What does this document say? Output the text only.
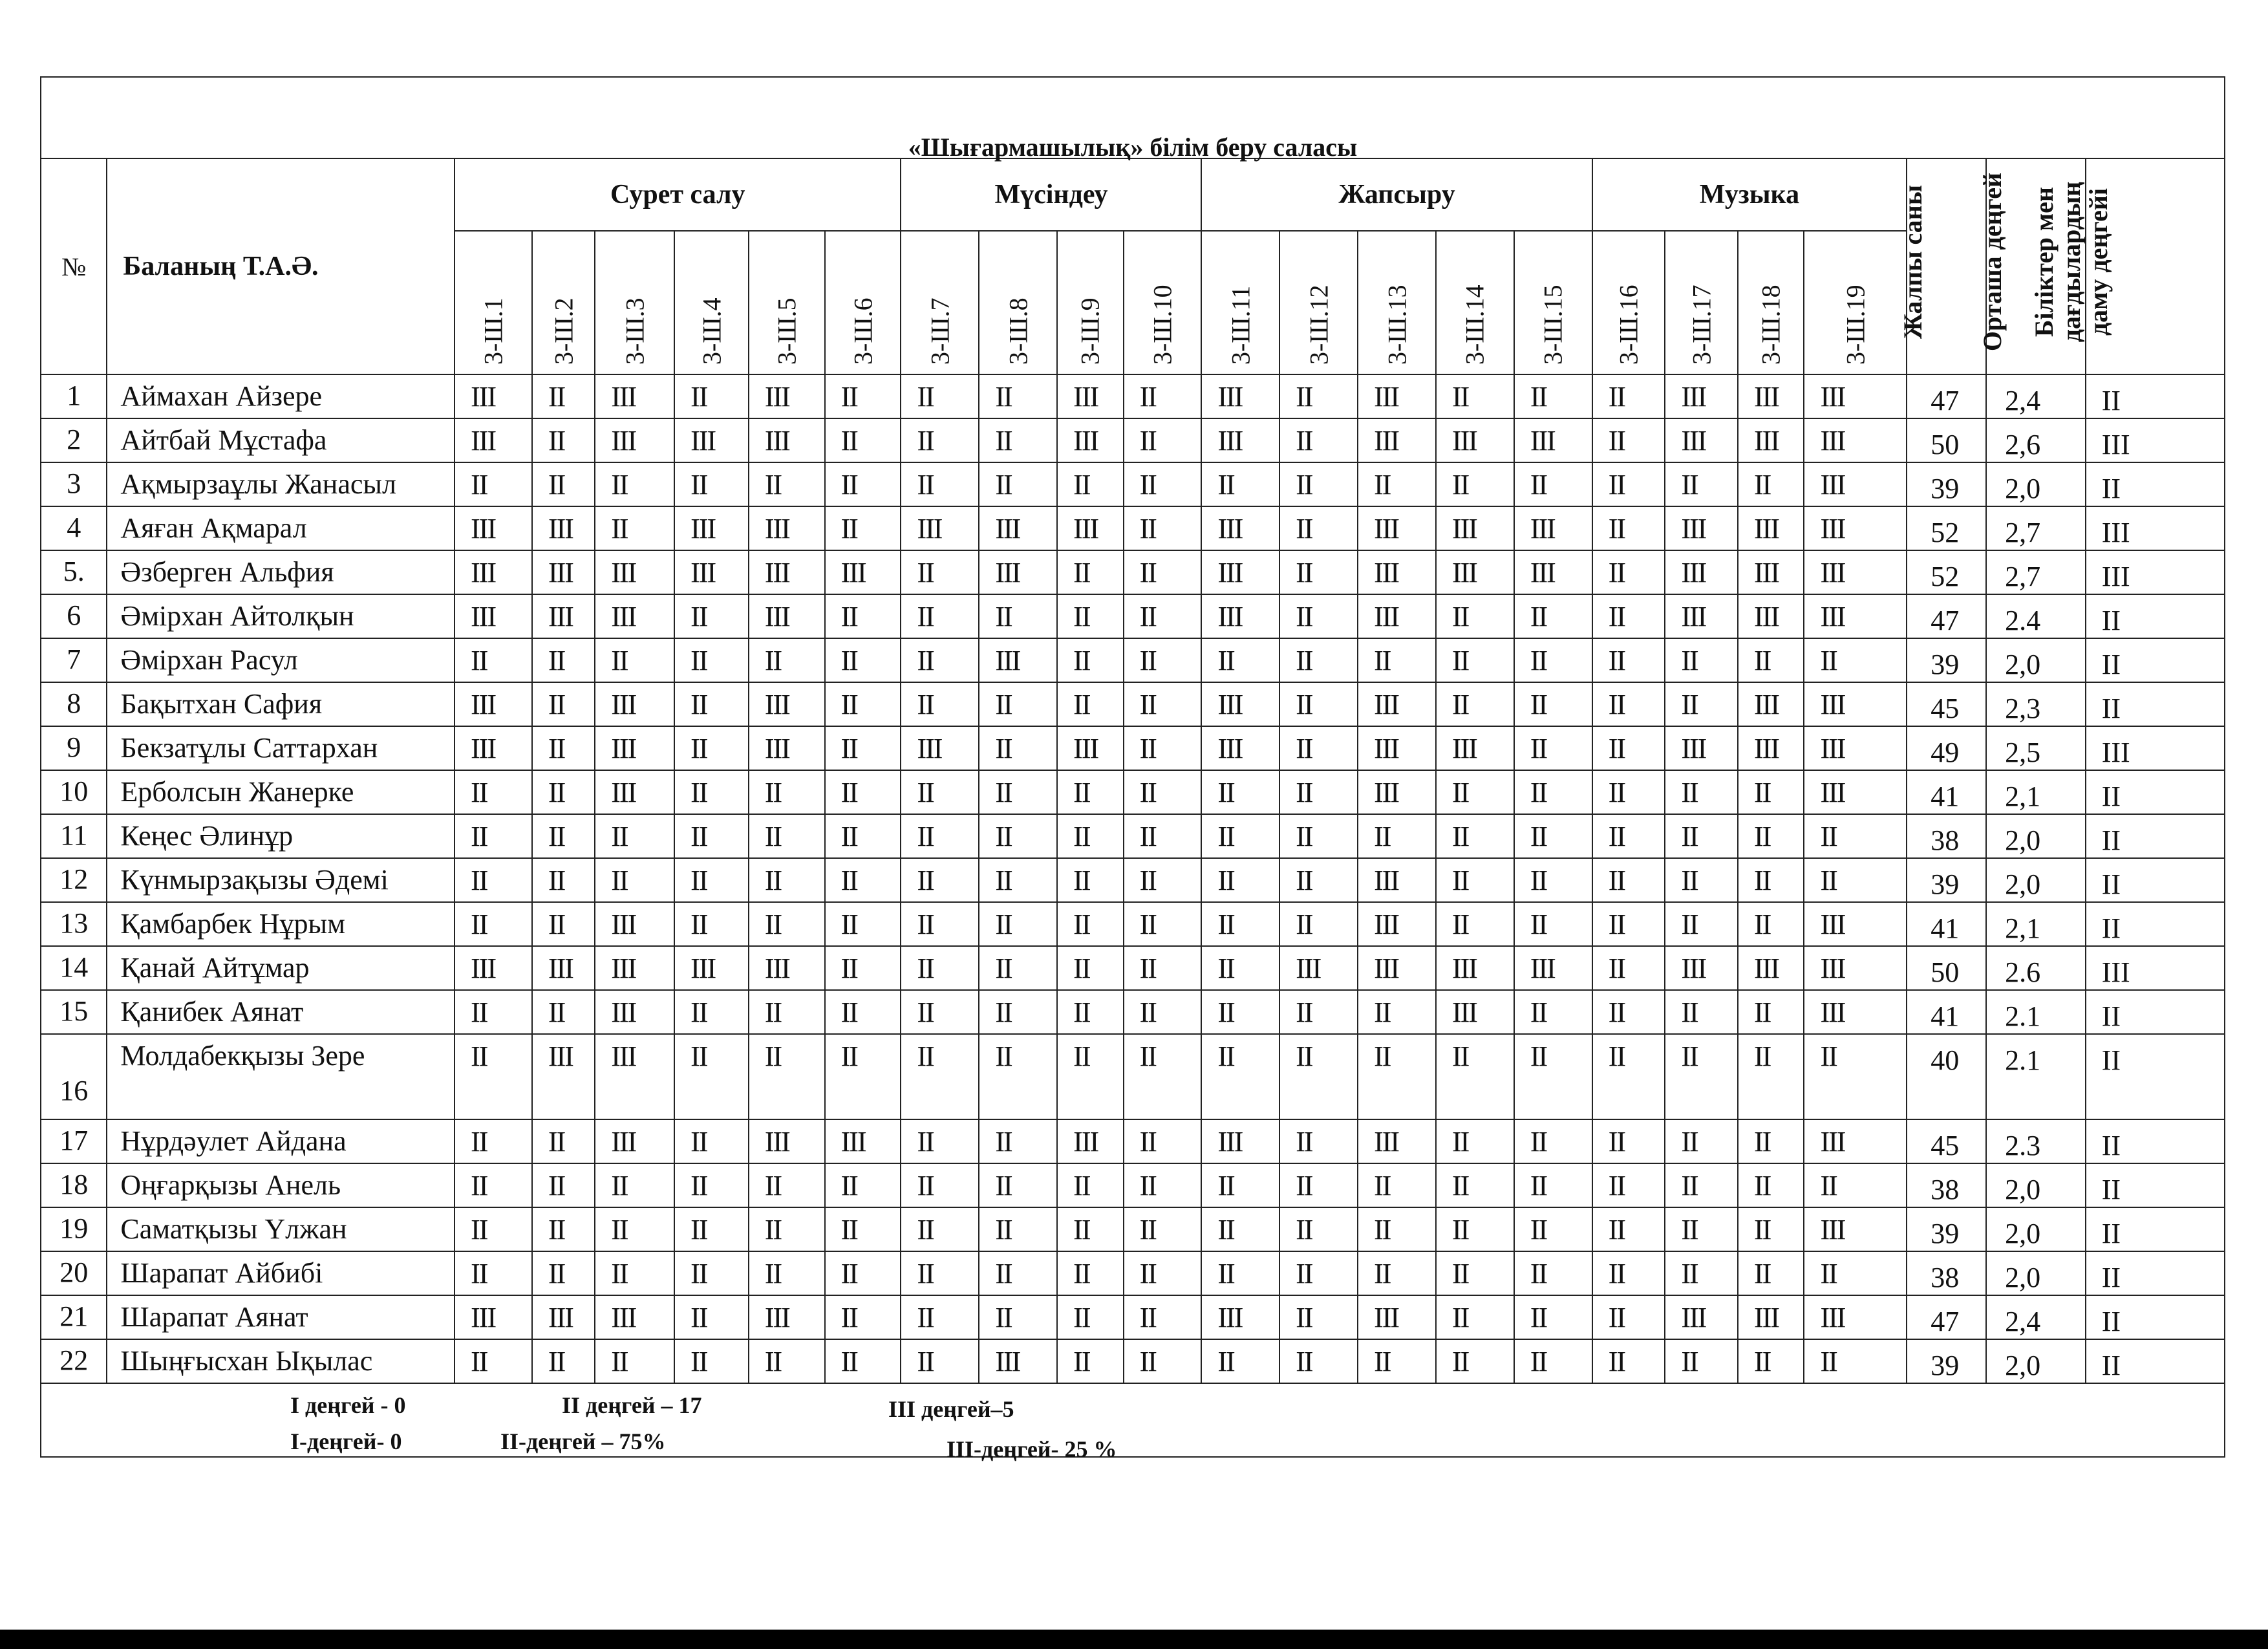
«Шығармашылық» білім беру саласы
№	Баланың Т.А.Ә.	Сурет салу						Мүсіндеу				Жапсыру					Музыка				Жалпы саны	Орташа деңгей	Біліктер мен дағдылардың даму деңгейі

		3-Ш.1	3-Ш.2	3-Ш.3	3-Ш.4	3-Ш.5	3-Ш.6	3-Ш.7	3-Ш.8	3-Ш.9	3-Ш.10	3-Ш.11	3-Ш.12	3-Ш.13	3-Ш.14	3-Ш.15	3-Ш.16	3-Ш.17	3-Ш.18	3-Ш.19			

1	Аймахан Айзере	III	II	III	II	III	II	II	II	III	II	III	II	III	II	II	II	III	III	III	47	2,4	II
2	Айтбай Мұстафа	III	II	III	III	III	II	II	II	III	II	III	II	III	III	III	II	III	III	III	50	2,6	III
3	Ақмырзаұлы Жанасыл	II	II	II	II	II	II	II	II	II	II	II	II	II	II	II	II	II	II	III	39	2,0	II
4	Аяған Ақмарал	III	III	II	III	III	II	III	III	III	II	III	II	III	III	III	II	III	III	III	52	2,7	III
5.	Әзберген Альфия	III	III	III	III	III	III	II	III	II	II	III	II	III	III	III	II	III	III	III	52	2,7	III
6	Әмірхан Айтолқын	III	III	III	II	III	II	II	II	II	II	III	II	III	II	II	II	III	III	III	47	2.4	II
7	Әмірхан Расул	II	II	II	II	II	II	II	III	II	II	II	II	II	II	II	II	II	II	II	39	2,0	II
8	Бақытхан Сафия	III	II	III	II	III	II	II	II	II	II	III	II	III	II	II	II	II	III	III	45	2,3	II
9	Бекзатұлы Саттархан	III	II	III	II	III	II	III	II	III	II	III	II	III	III	II	II	III	III	III	49	2,5	III
10	Ерболсын Жанерке	II	II	III	II	II	II	II	II	II	II	II	II	III	II	II	II	II	II	III	41	2,1	II
11	Кеңес Әлинұр	II	II	II	II	II	II	II	II	II	II	II	II	II	II	II	II	II	II	II	38	2,0	II
12	Күнмырзақызы Әдемі	II	II	II	II	II	II	II	II	II	II	II	II	III	II	II	II	II	II	II	39	2,0	II
13	Қамбарбек Нұрым	II	II	III	II	II	II	II	II	II	II	II	II	III	II	II	II	II	II	III	41	2,1	II
14	Қанай Айтұмар	III	III	III	III	III	II	II	II	II	II	II	III	III	III	III	II	III	III	III	50	2.6	III
15	Қанибек Аянат	II	II	III	II	II	II	II	II	II	II	II	II	II	III	II	II	II	II	III	41	2.1	II
16	Молдабекқызы Зере	II	III	III	II	II	II	II	II	II	II	II	II	II	II	II	II	II	II	II	40	2.1	II
17	Нұрдәулет Айдана	II	II	III	II	III	III	II	II	III	II	III	II	III	II	II	II	II	II	III	45	2.3	II
18	Оңғарқызы Анель	II	II	II	II	II	II	II	II	II	II	II	II	II	II	II	II	II	II	II	38	2,0	II
19	Саматқызы Үлжан	II	II	II	II	II	II	II	II	II	II	II	II	II	II	II	II	II	II	III	39	2,0	II
20	Шарапат Айбибі	II	II	II	II	II	II	II	II	II	II	II	II	II	II	II	II	II	II	II	38	2,0	II
21	Шарапат Аянат	III	III	III	II	III	II	II	II	II	II	III	II	III	II	II	II	III	III	III	47	2,4	II
22	Шыңғысхан Ықылас	II	II	II	II	II	II	II	III	II	II	II	II	II	II	II	II	II	II	II	39	2,0	II
I деңгей - 0	II деңгей – 17	III деңгей–5
I-деңгей- 0	II-деңгей – 75%	III-деңгей- 25 %
